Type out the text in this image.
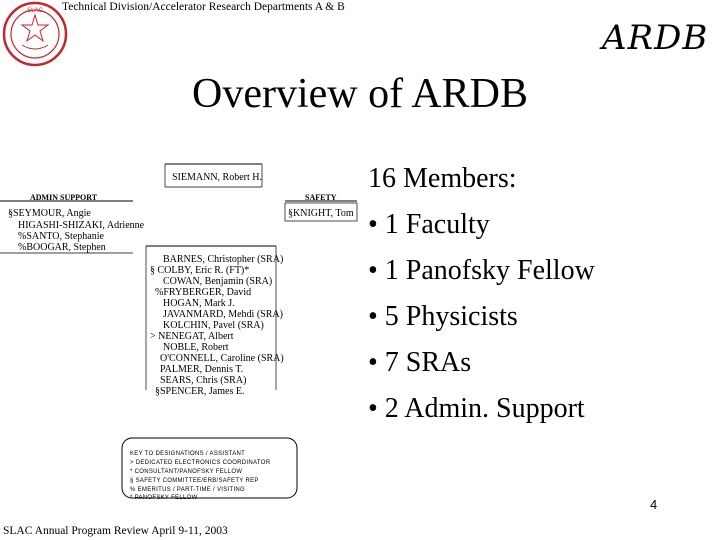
Technical Division/Accelerator Research Departments A & B
SLAC
ARDB
Overview of ARDB
SIEMANN, Robert H.
ADMIN SUPPORT
§SEYMOUR, Angie
HIGASHI-SHIZAKI, Adrienne
%SANTO, Stephanie
%BOOGAR, Stephen
SAFETY
§KNIGHT, Tom
BARNES, Christopher (SRA)
§ COLBY, Eric R. (FT)*
COWAN, Benjamin (SRA)
%FRYBERGER, David
HOGAN, Mark J.
JAVANMARD, Mehdi (SRA)
KOLCHIN, Pavel (SRA)
> NENEGAT, Albert
NOBLE, Robert
O'CONNELL, Caroline (SRA)
PALMER, Dennis T.
SEARS, Chris (SRA)
§SPENCER, James E.
KEY TO DESIGNATIONS / ASSISTANT
> DEDICATED ELECTRONICS COORDINATOR
* CONSULTANT/PANOFSKY FELLOW
§ SAFETY COMMITTEE/ERB/SAFETY REP
% EMERITUS / PART-TIME / VISITING
* PANOFSKY FELLOW
16 Members:
• 1 Faculty
• 1 Panofsky Fellow
• 5 Physicists
• 7 SRAs
• 2 Admin. Support
4
SLAC Annual Program Review April 9-11, 2003
